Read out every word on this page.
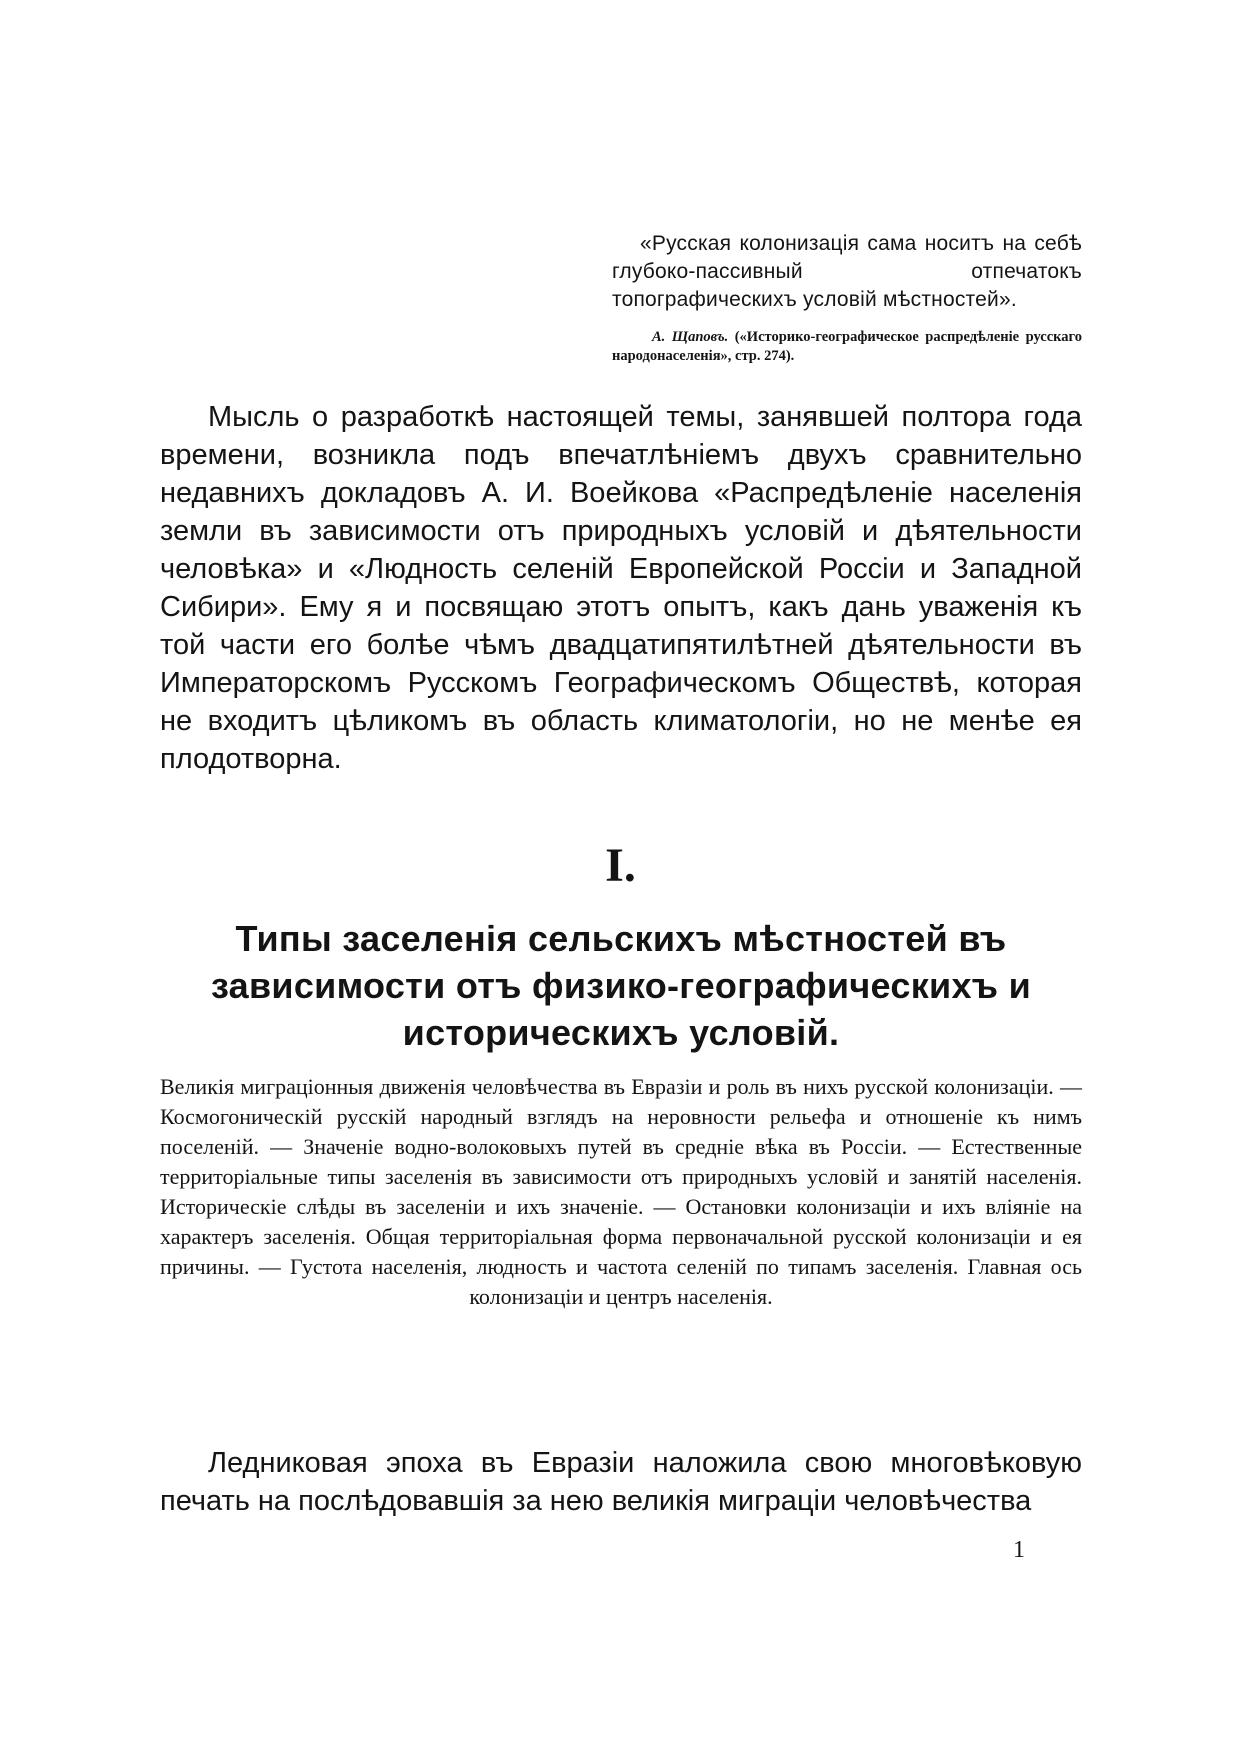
«Русская колонизація сама носитъ на себѣ глубоко-пассивный отпечатокъ топографическихъ условій мѣстностей».

А. Щаповъ. («Историко-географическое распредѣленіе русскаго народонаселенія», стр. 274).

Мысль о разработкѣ настоящей темы, занявшей полтора года времени, возникла подъ впечатлѣніемъ двухъ сравнительно недавнихъ докладовъ А. И. Воейкова «Распредѣленіе населенія земли въ зависимости отъ природныхъ условій и дѣятельности человѣка» и «Людность селеній Европейской Россіи и Западной Сибири». Ему я и посвящаю этотъ опытъ, какъ дань уваженія къ той части его болѣе чѣмъ двадцатипятилѣтней дѣятельности въ Императорскомъ Русскомъ Географическомъ Обществѣ, которая не входитъ цѣликомъ въ область климатологіи, но не менѣе ея плодотворна.

I.
Типы заселенія сельскихъ мѣстностей въ зависимости отъ физико-географическихъ и историческихъ условій.

Великія миграціонныя движенія человѣчества въ Евразіи и роль въ нихъ русской колонизаціи. — Космогоническій русскій народный взглядъ на неровности рельефа и отношеніе къ нимъ поселеній. — Значеніе водно-волоковыхъ путей въ средніе вѣка въ Россіи. — Естественные территоріальные типы заселенія въ зависимости отъ природныхъ условій и занятій населенія. Историческіе слѣды въ заселеніи и ихъ значеніе. — Остановки колонизаціи и ихъ вліяніе на характеръ заселенія. Общая территоріальная форма первоначальной русской колонизаціи и ея причины. — Густота населенія, людность и частота селеній по типамъ заселенія. Главная ось колонизаціи и центръ населенія.

Ледниковая эпоха въ Евразіи наложила свою многовѣковую печать на послѣдовавшія за нею великія миграціи человѣчества

1
